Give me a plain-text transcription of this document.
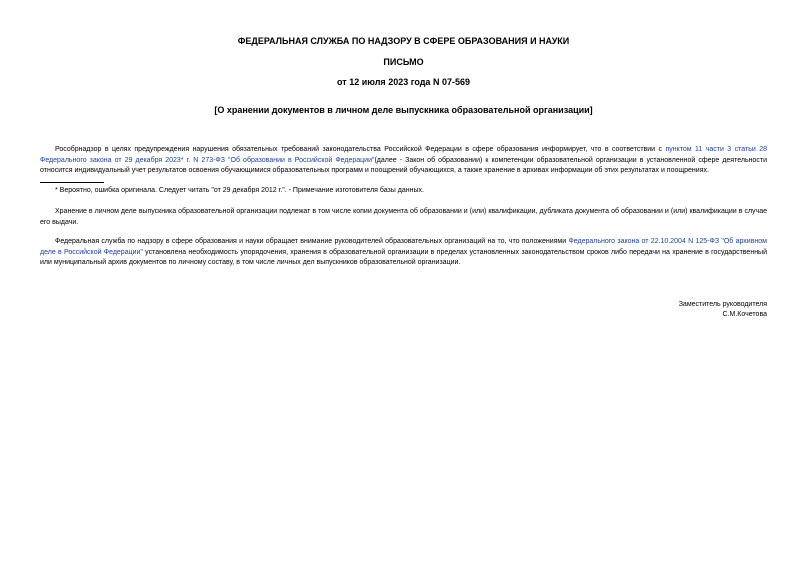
ФЕДЕРАЛЬНАЯ СЛУЖБА ПО НАДЗОРУ В СФЕРЕ ОБРАЗОВАНИЯ И НАУКИ
ПИСЬМО
от 12 июля 2023 года N 07-569
[О хранении документов в личном деле выпускника образовательной организации]

Рособрнадзор в целях предупреждения нарушения обязательных требований законодательства Российской Федерации в сфере образования информирует, что в соответствии с пунктом 11 части 3 статьи 28 Федерального закона от 29 декабря 2023* г. N 273-ФЗ "Об образовании в Российской Федерации"(далее - Закон об образовании) к компетенции образовательной организации в установленной сфере деятельности относится индивидуальный учет результатов освоения обучающимися образовательных программ и поощрений обучающихся, а также хранение в архивах информации об этих результатах и поощрениях.

* Вероятно, ошибка оригинала. Следует читать "от 29 декабря 2012 г.". - Примечание изготовителя базы данных.

Хранение в личном деле выпускника образовательной организации подлежат в том числе копии документа об образовании и (или) квалификации, дубликата документа об образовании и (или) квалификации в случае его выдачи.

Федеральная служба по надзору в сфере образования и науки обращает внимание руководителей образовательных организаций на то, что положениями Федерального закона от 22.10.2004 N 125-ФЗ "Об архивном деле в Российской Федерации" установлена необходимость упорядочения, хранения в образовательной организации в пределах установленных законодательством сроков либо передачи на хранение в государственный или муниципальный архив документов по личному составу, в том числе личных дел выпускников образовательной организации.

Заместитель руководителя
С.М.Кочетова
